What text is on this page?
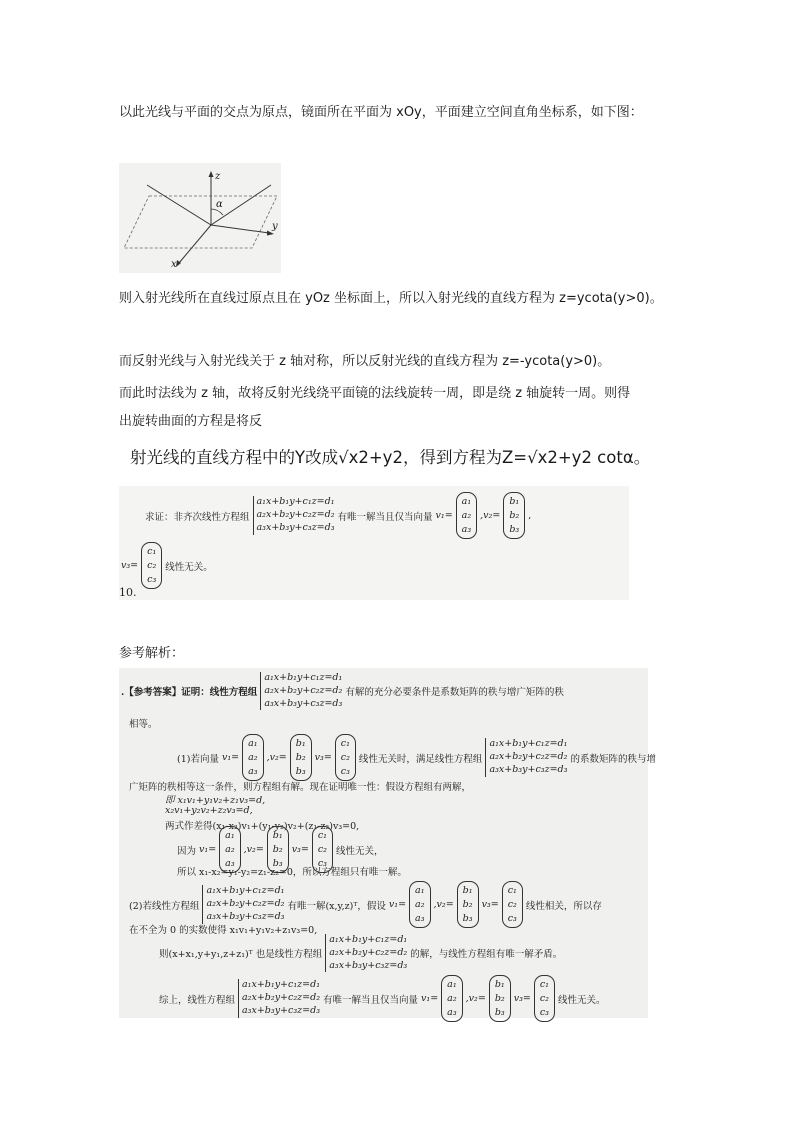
以此光线与平面的交点为原点，镜面所在平面为 xOy，平面建立空间直角坐标系，如下图：
z
y
x
α
则入射光线所在直线过原点且在 yOz 坐标面上，所以入射光线的直线方程为 z=ycota(y>0)。
而反射光线与入射光线关于 z 轴对称，所以反射光线的直线方程为 z=-ycota(y>0)。
而此时法线为 z 轴，故将反射光线绕平面镜的法线旋转一周，即是绕 z 轴旋转一周。则得
出旋转曲面的方程是将反
射光线的直线方程中的Y改成√x2+y2，得到方程为Z=√x2+y2 cotα。
求证：非齐次线性方程组
a₁x+b₁y+c₁z=d₁
a₂x+b₂y+c₂z=d₂
a₃x+b₃y+c₃z=d₃
有唯一解当且仅当向量 v₁=
a₁
a₂
a₃
,v₂=
b₁
b₂
b₃
,
v₃=
c₁
c₂
c₃
线性无关。
10.
参考解析：
.【参考答案】证明：线性方程组
a₁x+b₁y+c₁z=d₁
a₂x+b₂y+c₂z=d₂
a₃x+b₃y+c₃z=d₃
有解的充分必要条件是系数矩阵的秩与增广矩阵的秩
相等。
(1)若向量 v₁=
a₁
a₂
a₃
,v₂=
b₁
b₂
b₃
v₃=
c₁
c₂
c₃
线性无关时，满足线性方程组
a₁x+b₁y+c₁z=d₁
a₂x+b₂y+c₂z=d₂
a₃x+b₃y+c₃z=d₃
的系数矩阵的秩与增
广矩阵的秩相等这一条件，则方程组有解。现在证明唯一性：假设方程组有两解，
即 x₁v₁+y₁v₂+z₁v₃=d,
x₂v₁+y₂v₂+z₂v₃=d,
两式作差得(x₁-x₂)v₁+(y₁-y₂)v₂+(z₁-z₂)v₃=0,
因为 v₁=
a₁
a₂
a₃
,v₂=
b₁
b₂
b₃
v₃=
c₁
c₂
c₃
线性无关，
所以 x₁-x₂=y₁-y₂=z₁-z₂=0，所以方程组只有唯一解。
(2)若线性方程组
a₁x+b₁y+c₁z=d₁
a₂x+b₂y+c₂z=d₂
a₃x+b₃y+c₃z=d₃
有唯一解(x,y,z)ᵀ，假设 v₁=
a₁
a₂
a₃
,v₂=
b₁
b₂
b₃
v₃=
c₁
c₂
c₃
线性相关，所以存
在不全为 0 的实数使得 x₁v₁+y₁v₂+z₁v₃=0,
则(x+x₁,y+y₁,z+z₁)ᵀ 也是线性方程组
a₁x+b₁y+c₁z=d₁
a₂x+b₂y+c₂z=d₂
a₃x+b₃y+c₃z=d₃
的解，与线性方程组有唯一解矛盾。
综上，线性方程组
a₁x+b₁y+c₁z=d₁
a₂x+b₂y+c₂z=d₂
a₃x+b₃y+c₃z=d₃
有唯一解当且仅当向量 v₁=
a₁
a₂
a₃
,v₂=
b₁
b₂
b₃
v₃=
c₁
c₂
c₃
线性无关。
